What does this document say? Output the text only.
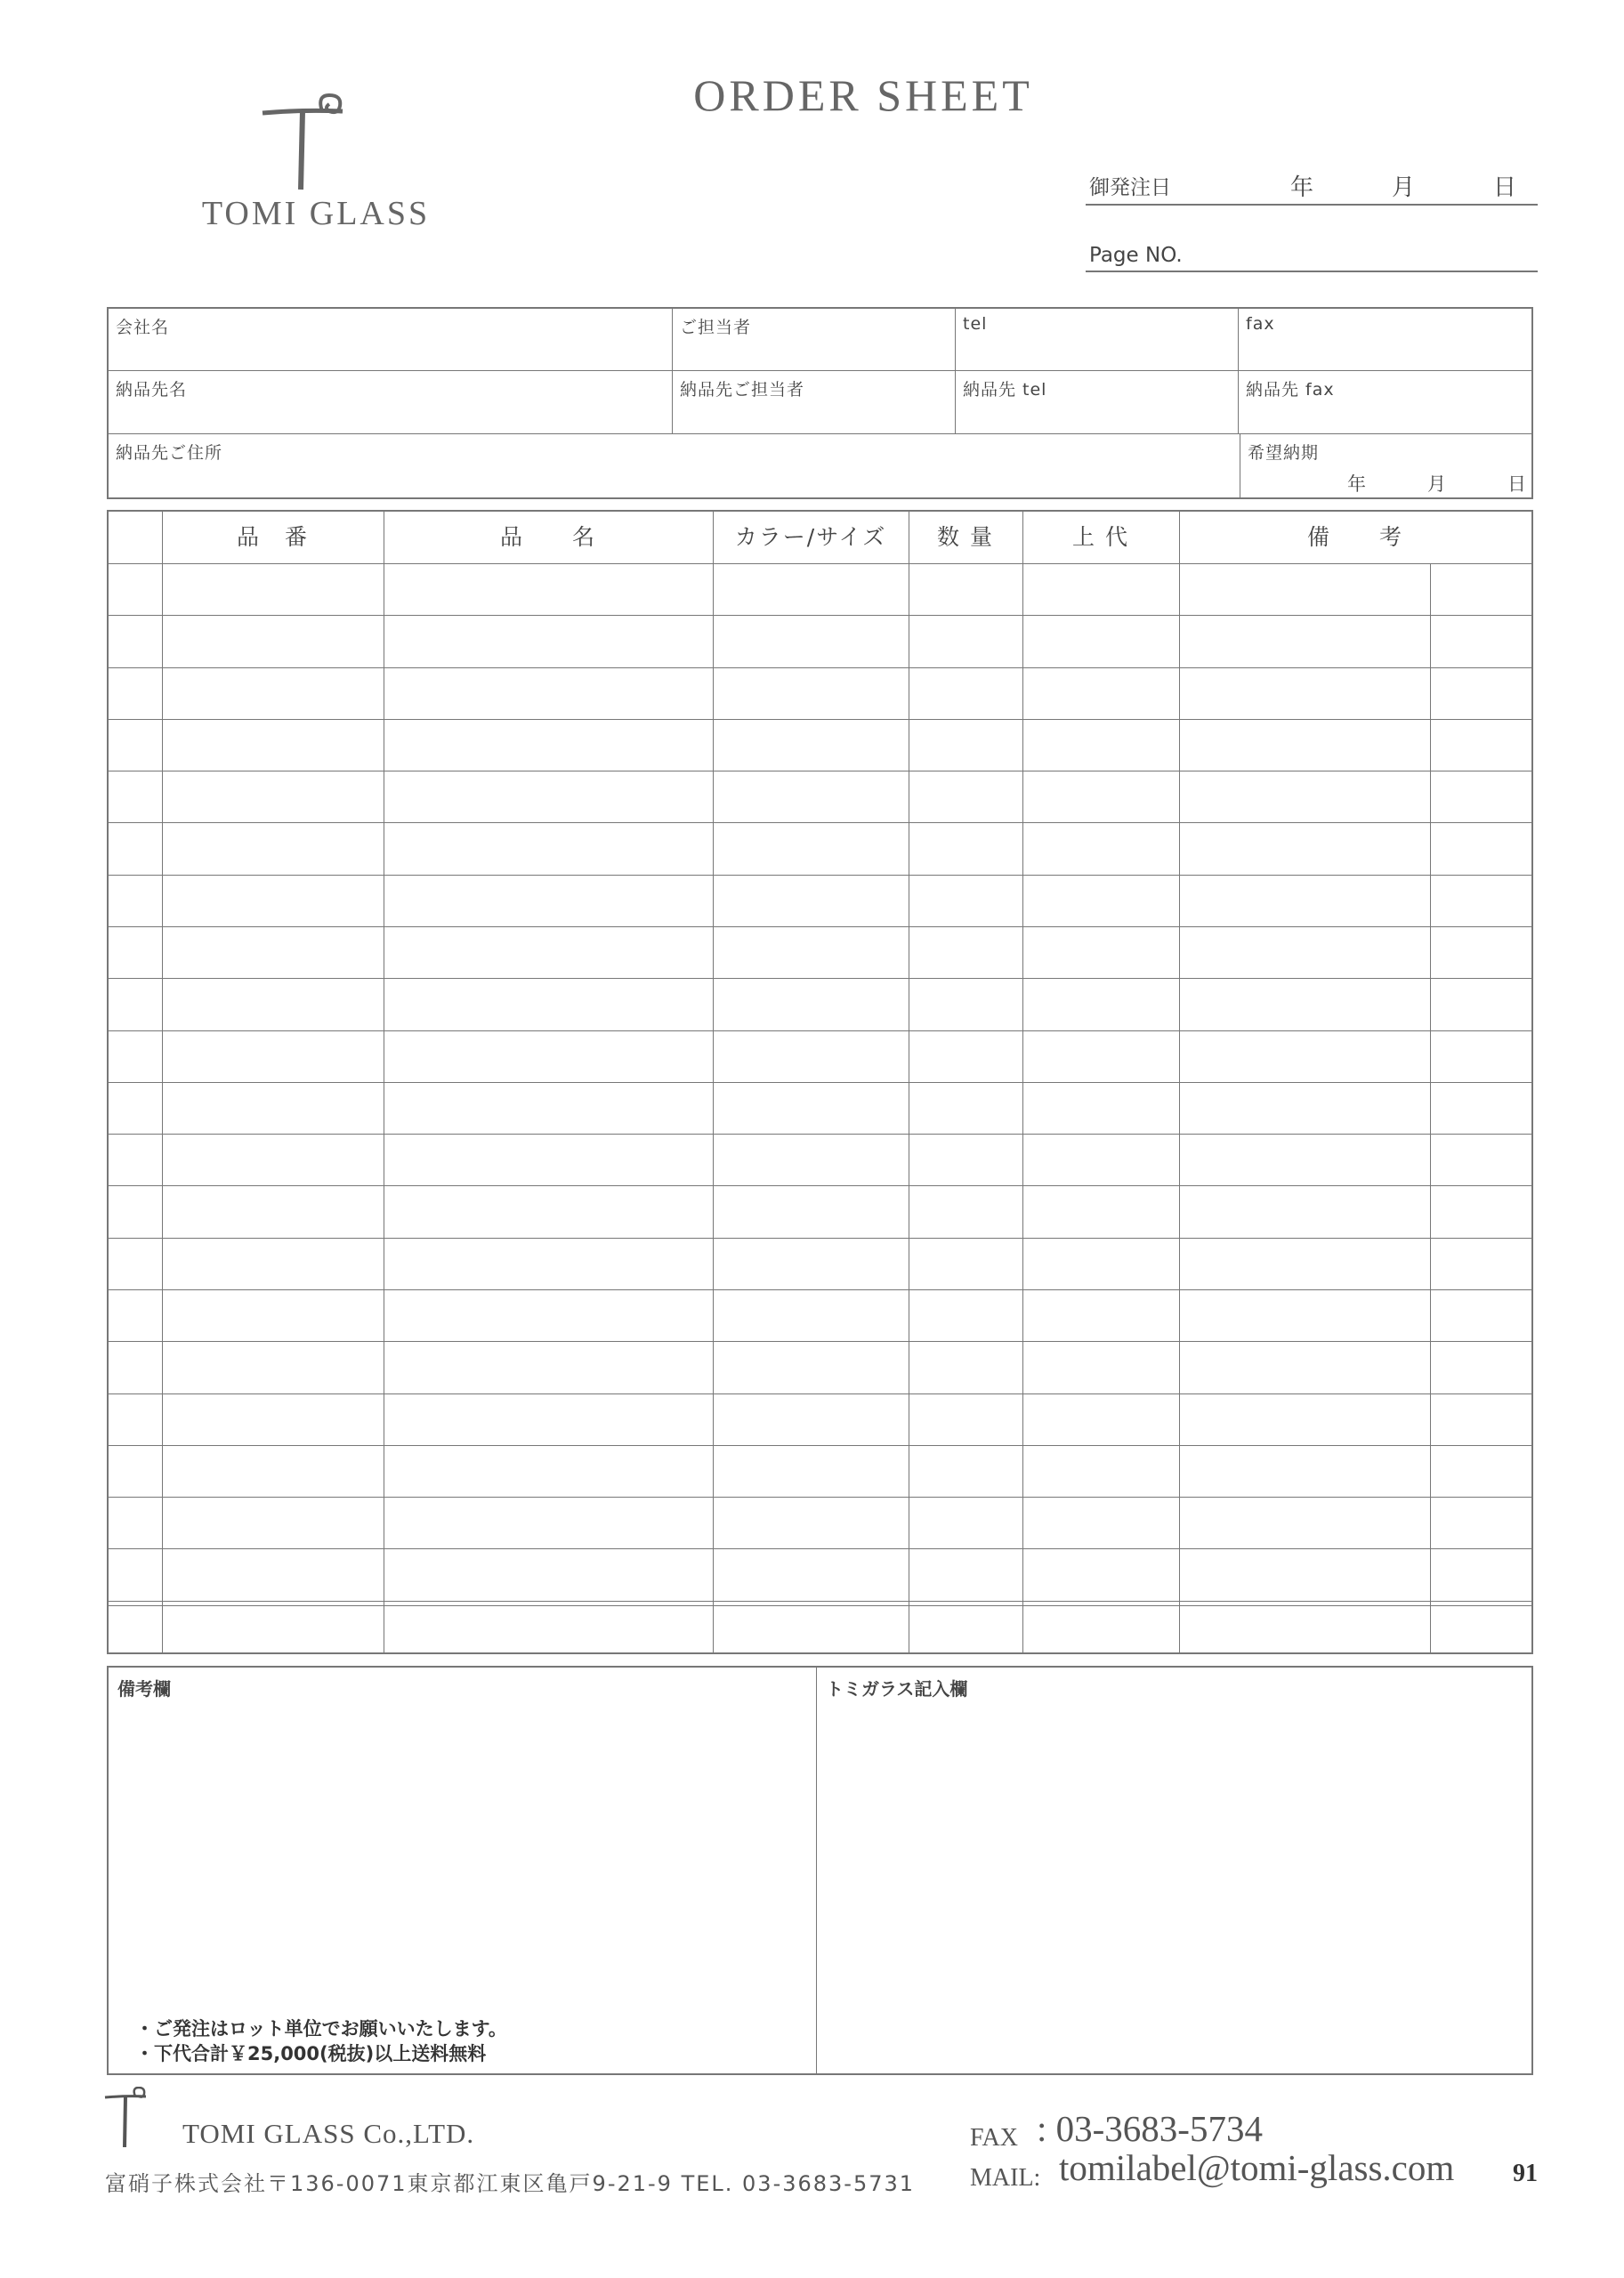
TOMI GLASS
ORDER SHEET
御発注日	年	月	日
Page NO.
会社名	ご担当者	tel	fax
納品先名	納品先ご担当者	納品先 tel	納品先 fax
納品先ご住所	希望納期
年	月	日
品　番	品　　名	カラー/サイズ	数 量	上 代	備　　考
備考欄
・ご発注はロット単位でお願いいたします。
・下代合計￥25,000(税抜)以上送料無料
トミガラス記入欄
TOMI GLASS Co.,LTD.
富硝子株式会社〒136-0071東京都江東区亀戸9-21-9 TEL. 03-3683-5731
FAX : 03-3683-5734
MAIL: tomilabel@tomi-glass.com 91
